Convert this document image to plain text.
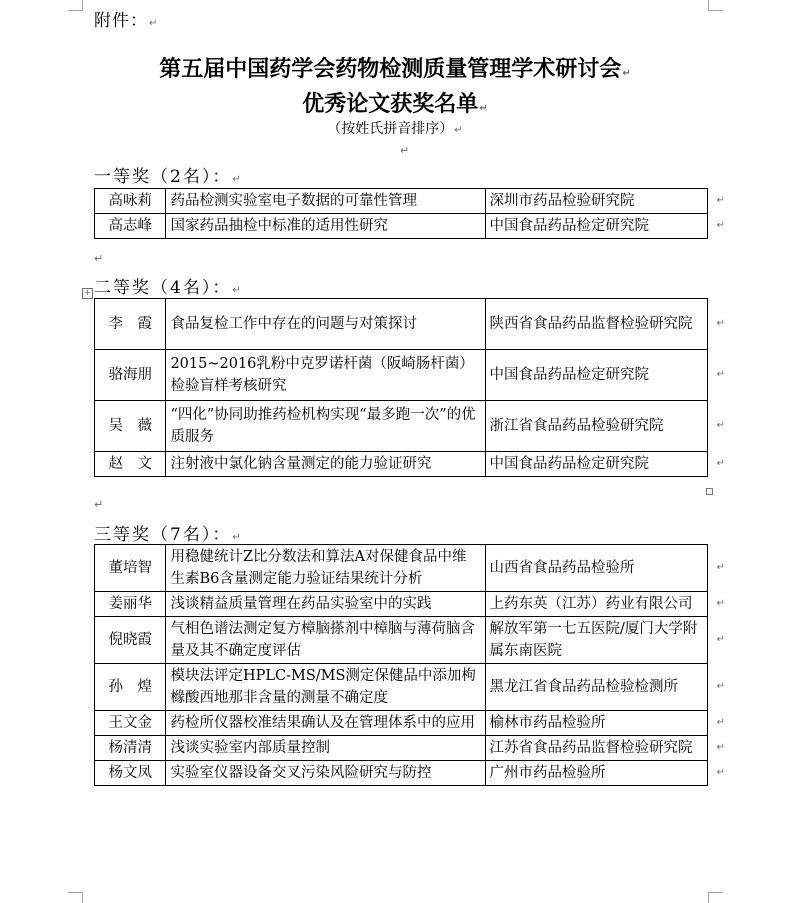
附件：↵
第五届中国药学会药物检测质量管理学术研讨会↵
优秀论文获奖名单↵
（按姓氏拼音排序）↵
↵
一等奖（2名）：↵
高咏莉	药品检测实验室电子数据的可靠性管理	深圳市药品检验研究院 ↵

高志峰	国家药品抽检中标准的适用性研究	中国食品药品检定研究院 ↵
↵
+ 二等奖（4名）：↵
李　霞	食品复检工作中存在的问题与对策探讨	陕西省食品药品监督检验研究院 ↵

骆海朋	2015~2016乳粉中克罗诺杆菌（阪崎肠杆菌）检验盲样考核研究	中国食品药品检定研究院 ↵

吴　薇	“四化”协同助推药检机构实现“最多跑一次”的优质服务	浙江省食品药品检验研究院 ↵

赵　文	注射液中氯化钠含量测定的能力验证研究	中国食品药品检定研究院 ↵
↵
三等奖（7名）：↵
董培智	用稳健统计Z比分数法和算法A对保健食品中维生素B6含量测定能力验证结果统计分析	山西省食品药品检验所 ↵

姜丽华	浅谈精益质量管理在药品实验室中的实践	上药东英（江苏）药业有限公司 ↵

倪晓霞	气相色谱法测定复方樟脑搽剂中樟脑与薄荷脑含量及其不确定度评估	解放军第一七五医院/厦门大学附属东南医院
↵

孙　煌	模块法评定HPLC-MS/MS测定保健品中添加枸橼酸西地那非含量的测量不确定度	黑龙江省食品药品检验检测所 ↵

王文金	药检所仪器校准结果确认及在管理体系中的应用	榆林市药品检验所 ↵

杨清清	浅谈实验室内部质量控制	江苏省食品药品监督检验研究院 ↵

杨文凤	实验室仪器设备交叉污染风险研究与防控	广州市药品检验所 ↵
